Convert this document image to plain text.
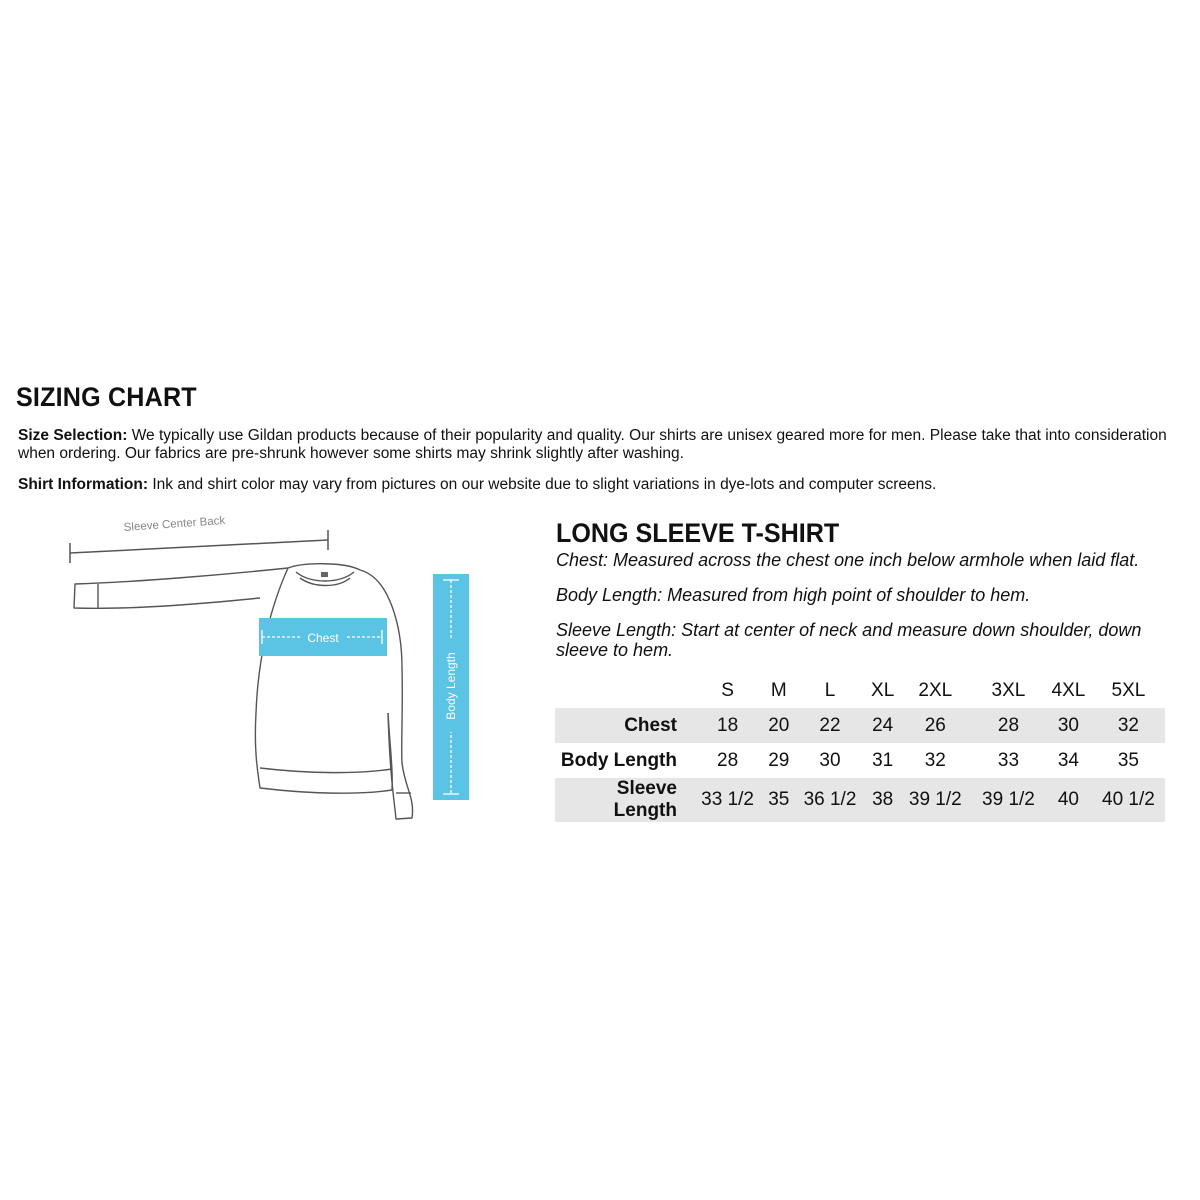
SIZING CHART

Size Selection: We typically use Gildan products because of their popularity and quality. Our shirts are unisex geared more for men. Please take that into consideration when ordering. Our fabrics are pre-shrunk however some shirts may shrink slightly after washing.

Shirt Information: Ink and shirt color may vary from pictures on our website due to slight variations in dye-lots and computer screens.

Sleeve Center Back
Chest
Body Length
LONG SLEEVE T-SHIRT

Chest: Measured across the chest one inch below armhole when laid flat.

Body Length: Measured from high point of shoulder to hem.

Sleeve Length: Start at center of neck and measure down shoulder, down sleeve to hem.

	S	M	L	XL	2XL	3XL	4XL	5XL
Chest	18	20	22	24	26	28	30	32
Body Length	28	29	30	31	32	33	34	35
Sleeve Length	33 1/2	35	36 1/2	38	39 1/2	39 1/2	40	40 1/2
